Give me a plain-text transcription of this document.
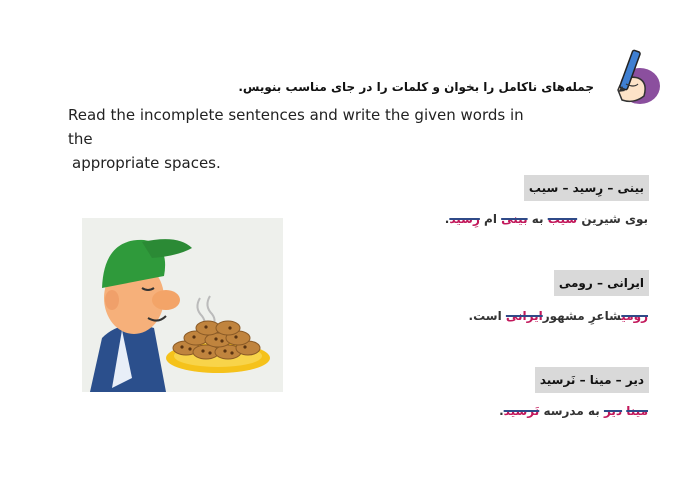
جمله‌های ناکامل را بخوان و کلمات را در جای مناسب بنویس.
Read the incomplete sentences and write the given words in the
appropriate spaces.
بینی – رِسید – سیب
بوی شیرین سیب به بینی ام رِسید.
ایرانی – رومی
رومیشاعرِ مشهورایرانی است.
دیر – مینا – نَرسید
مینا دیر به مدرسه نَرسید.
